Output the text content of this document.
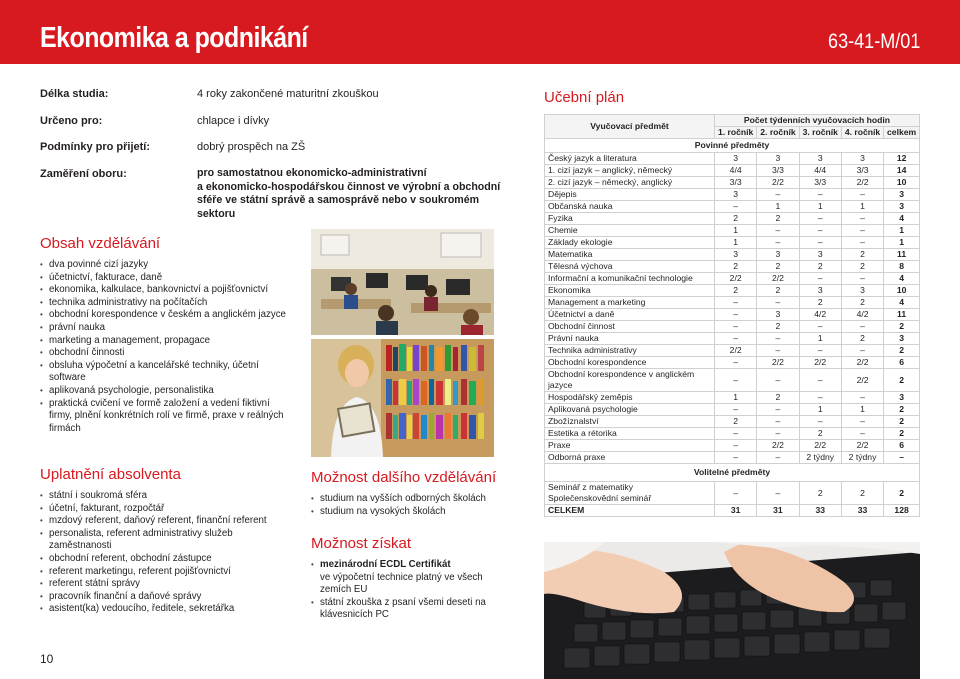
Ekonomika a podnikání	63-41-M/01
Délka studia:	4 roky zakončené maturitní zkouškou
Určeno pro:	chlapce i dívky
Podmínky pro přijetí:	dobrý prospěch na ZŠ
Zaměření oboru:	pro samostatnou ekonomicko-administrativní
a ekonomicko-hospodářskou činnost ve výrobní a obchodní
sféře ve státní správě a samosprávě nebo v soukromém
sektoru
Obsah vzdělávání
• dva povinné cizí jazyky
• účetnictví, fakturace, daně
• ekonomika, kalkulace, bankovnictví a pojišťovnictví
• technika administrativy na počítačích
• obchodní korespondence v českém a anglickém jazyce
• právní nauka
• marketing a management, propagace
• obchodní činnosti
• obsluha výpočetní a kancelářské techniky, účetní software
• aplikovaná psychologie, personalistika
• praktická cvičení ve formě založení a vedení fiktivní firmy, plnění konkrétních rolí ve firmě, praxe v reálných firmách
Uplatnění absolventa
• státní i soukromá sféra
• účetní, fakturant, rozpočtář
• mzdový referent, daňový referent, finanční referent
• personalista, referent administrativy služeb zaměstnanosti
• obchodní referent, obchodní zástupce
• referent marketingu, referent pojišťovnictví
• referent státní správy
• pracovník finanční a daňové správy
• asistent(ka) vedoucího, ředitele, sekretářka
Možnost dalšího vzdělávání
• studium na vyšších odborných školách
• studium na vysokých školách
Možnost získat
• mezinárodní ECDL Certifikát
ve výpočetní technice platný ve všech zemích EU
• státní zkouška z psaní všemi deseti na klávesnicích PC
Učební plán
Vyučovací předmět	Počet týdenních vyučovacích hodin				
	1. ročník	2. ročník	3. ročník	4. ročník	celkem
Povinné předměty					
Český jazyk a literatura	3	3	3	3	12
1. cizí jazyk – anglický, německý	4/4	3/3	4/4	3/3	14
2. cizí jazyk – německý, anglický	3/3	2/2	3/3	2/2	10
Dějepis	3	–	–	–	3
Občanská nauka	–	1	1	1	3
Fyzika	2	2	–	–	4
Chemie	1	–	–	–	1
Základy ekologie	1	–	–	–	1
Matematika	3	3	3	2	11
Tělesná výchova	2	2	2	2	8
Informační a komunikační technologie	2/2	2/2	–	–	4
Ekonomika	2	2	3	3	10
Management a marketing	–	–	2	2	4
Účetnictví a daně	–	3	4/2	4/2	11
Obchodní činnost	–	2	–	–	2
Právní nauka	–	–	1	2	3
Technika administrativy	2/2	–	–	–	2
Obchodní korespondence	–	2/2	2/2	2/2	6
Obchodní korespondence v anglickém jazyce	–	–	–	2/2	2
Hospodářský zeměpis	1	2	–	–	3
Aplikovaná psychologie	–	–	1	1	2
Zbožíznalství	2	–	–	–	2
Estetika a rétorika	–	–	2	–	2
Praxe	–	2/2	2/2	2/2	6
Odborná praxe	–	–	2 týdny	2 týdny	–
Volitelné předměty					

Seminář z matematiky
Společenskovědní seminář	–	–	2	2	2
CELKEM	31	31	33	33	128
10
